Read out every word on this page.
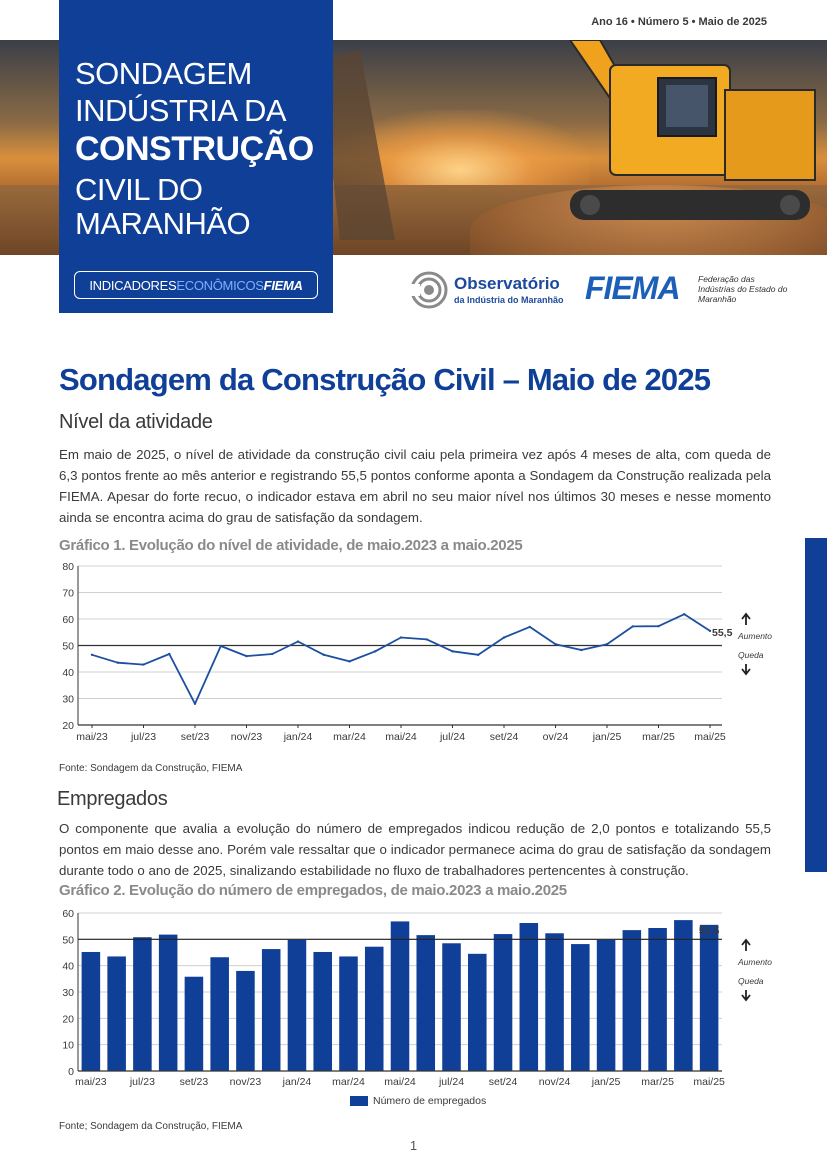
Ano 16 • Número 5 • Maio de 2025
SONDAGEM
INDÚSTRIA DA
CONSTRUÇÃO
CIVIL DO
MARANHÃO
INDICADORES ECONÔMICOS FIEMA	Observatório
da Indústria do Maranhão FIEMA Federação das Indústrias do Estado do Maranhão
Sondagem da Construção Civil – Maio de 2025
Nível da atividade
Em maio de 2025, o nível de atividade da construção civil caiu pela primeira vez após 4 meses de alta, com queda de 6,3 pontos frente ao mês anterior e registrando 55,5 pontos conforme aponta a Sondagem da Construção realizada pela FIEMA. Apesar do forte recuo, o indicador estava em abril no seu maior nível nos últimos 30 meses e nesse momento ainda se encontra acima do grau de satisfação da sondagem.
Gráfico 1. Evolução do nível de atividade, de maio.2023 a maio.2025
20
30
40
50
60
70
80
55,5
mai/23 jul/23 set/23 nov/23 jan/24 mar/24 mai/24 jul/24 set/24 ov/24 jan/25 mar/25 mai/25
Aumento
Queda
Fonte: Sondagem da Construção, FIEMA
Empregados
O componente que avalia a evolução do número de empregados indicou redução de 2,0 pontos e totalizando 55,5 pontos em maio desse ano. Porém vale ressaltar que o indicador permanece acima do grau de satisfação da sondagem durante todo o ano de 2025, sinalizando estabilidade no fluxo de trabalhadores pertencentes à construção.
Gráfico 2. Evolução do número de empregados, de maio.2023 a maio.2025
0
10
20
30
40
50
60
55,5
mai/23 jul/23 set/23 nov/23 jan/24 mar/24 mai/24 jul/24 set/24 nov/24 jan/25 mar/25 mai/25
Aumento
Queda
Número de empregados
Fonte; Sondagem da Construção, FIEMA
1
